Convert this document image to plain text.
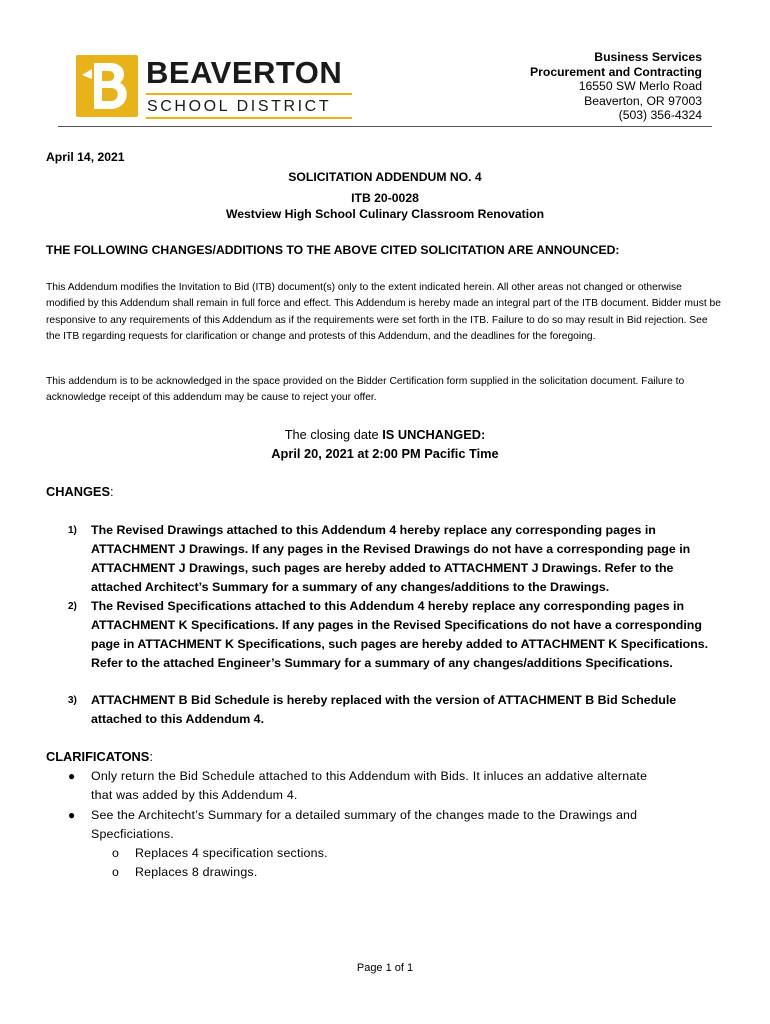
BEAVERTON
SCHOOL DISTRICT
Business Services
Procurement and Contracting
16550 SW Merlo Road
Beaverton, OR 97003
(503) 356-4324
April 14, 2021
SOLICITATION ADDENDUM NO. 4
ITB 20-0028
Westview High School Culinary Classroom Renovation
THE FOLLOWING CHANGES/ADDITIONS TO THE ABOVE CITED SOLICITATION ARE ANNOUNCED:
This Addendum modifies the Invitation to Bid (ITB) document(s) only to the extent indicated herein. All other areas not changed or otherwise modified by this Addendum shall remain in full force and effect. This Addendum is hereby made an integral part of the ITB document. Bidder must be responsive to any requirements of this Addendum as if the requirements were set forth in the ITB. Failure to do so may result in Bid rejection. See the ITB regarding requests for clarification or change and protests of this Addendum, and the deadlines for the foregoing.
This addendum is to be acknowledged in the space provided on the Bidder Certification form supplied in the solicitation document. Failure to acknowledge receipt of this addendum may be cause to reject your offer.
The closing date IS UNCHANGED:
April 20, 2021 at 2:00 PM Pacific Time
CHANGES:
1) The Revised Drawings attached to this Addendum 4 hereby replace any corresponding pages in ATTACHMENT J Drawings. If any pages in the Revised Drawings do not have a corresponding page in ATTACHMENT J Drawings, such pages are hereby added to ATTACHMENT J Drawings. Refer to the attached Architect’s Summary for a summary of any changes/additions to the Drawings.
2) The Revised Specifications attached to this Addendum 4 hereby replace any corresponding pages in ATTACHMENT K Specifications. If any pages in the Revised Specifications do not have a corresponding page in ATTACHMENT K Specifications, such pages are hereby added to ATTACHMENT K Specifications. Refer to the attached Engineer’s Summary for a summary of any changes/additions Specifications.
3) ATTACHMENT B Bid Schedule is hereby replaced with the version of ATTACHMENT B Bid Schedule attached to this Addendum 4.
CLARIFICATONS:
● Only return the Bid Schedule attached to this Addendum with Bids. It inluces an addative alternate that was added by this Addendum 4.
● See the Architecht’s Summary for a detailed summary of the changes made to the Drawings and Specficiations.
o Replaces 4 specification sections.
o Replaces 8 drawings.
Page 1 of 1
